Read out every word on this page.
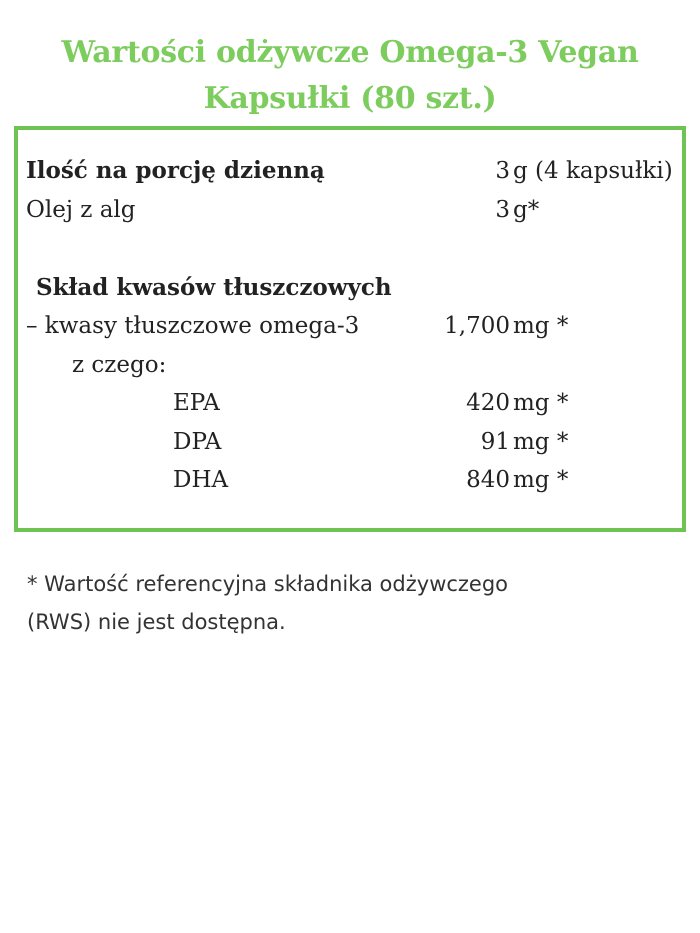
Wartości odżywcze Omega-3 Vegan
Kapsułki (80 szt.)
Ilość na porcję dzienną	3 g (4 kapsułki)
Olej z alg	3 g*
Skład kwasów tłuszczowych
– kwasy tłuszczowe omega-3	1,700 mg *
z czego:
EPA	420 mg *
DPA	91 mg *
DHA	840 mg *
* Wartość referencyjna składnika odżywczego
(RWS) nie jest dostępna.
